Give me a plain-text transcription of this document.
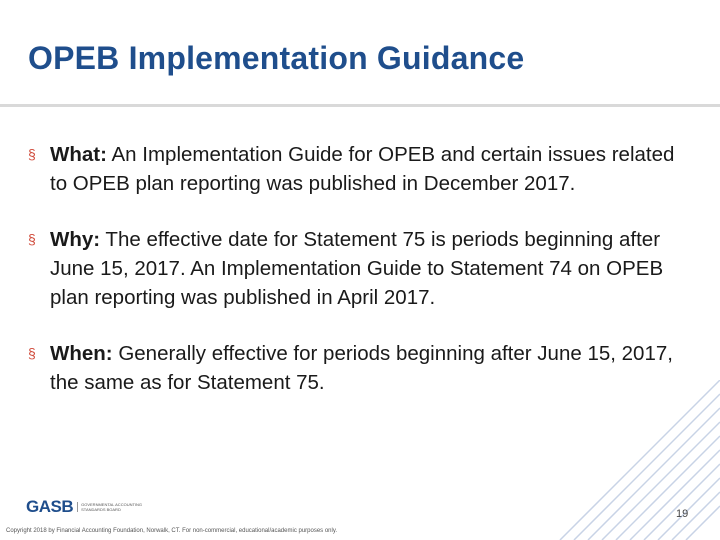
OPEB Implementation Guidance
§ What: An Implementation Guide for OPEB and certain issues related to OPEB plan reporting was published in December 2017.
§ Why: The effective date for Statement 75 is periods beginning after June 15, 2017. An Implementation Guide to Statement 74 on OPEB plan reporting was published in April 2017.
§ When: Generally effective for periods beginning after June 15, 2017, the same as for Statement 75.
GASB	GOVERNMENTAL ACCOUNTING STANDARDS BOARD	19
Copyright 2018 by Financial Accounting Foundation, Norwalk, CT. For non-commercial, educational/academic purposes only.
